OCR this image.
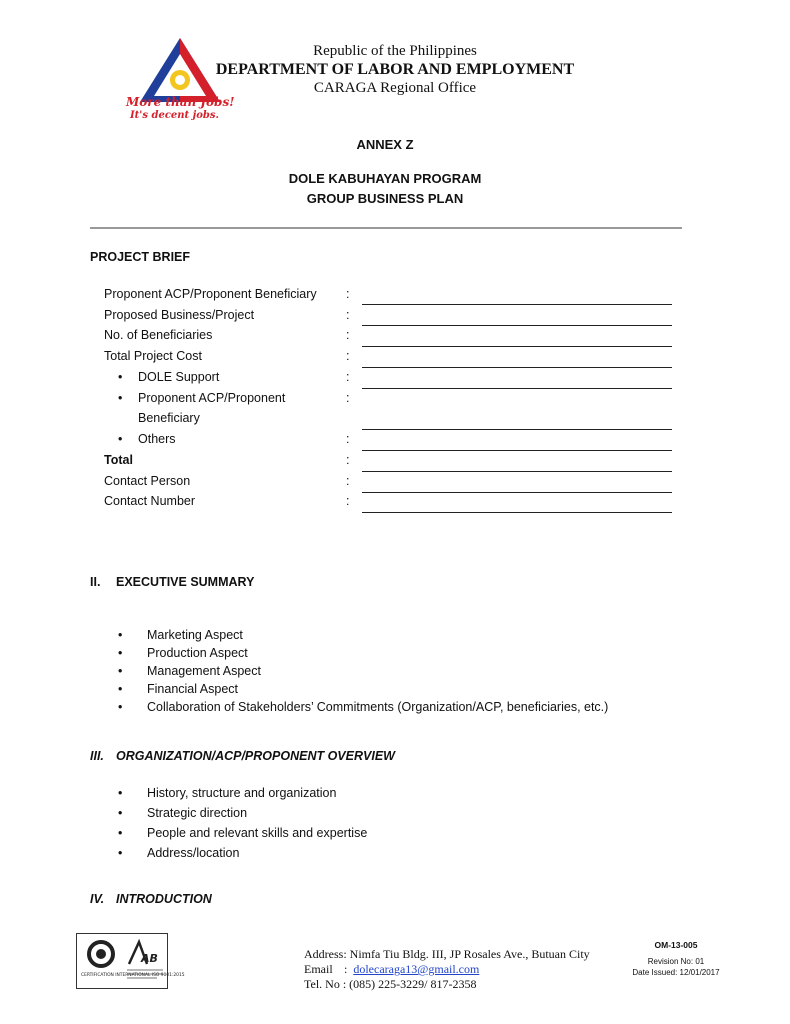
More than Jobs!
It's decent jobs.
Republic of the Philippines
DEPARTMENT OF LABOR AND EMPLOYMENT
CARAGA Regional Office
ANNEX Z
DOLE KABUHAYAN PROGRAM
GROUP BUSINESS PLAN
PROJECT BRIEF
Proponent ACP/Proponent Beneficiary :
Proposed Business/Project	:
No. of Beneficiaries	:
Total Project Cost	:
• DOLE Support	:
• Proponent ACP/Proponent
Beneficiary
:
• Others	:
Total	:
Contact Person	:
Contact Number	:
II. EXECUTIVE SUMMARY
• Marketing Aspect
• Production Aspect
• Management Aspect
• Financial Aspect
• Collaboration of Stakeholders’ Commitments (Organization/ACP, beneficiaries, etc.)
III. ORGANIZATION/ACP/PROPONENT OVERVIEW
• History, structure and organization
• Strategic direction
• People and relevant skills and expertise
• Address/location
IV. INTRODUCTION
AB
CERTIFICATION INTERNATIONAL ISO 9001:2015
Address: Nimfa Tiu Bldg. III, JP Rosales Ave., Butuan City
Email : dolecaraga13@gmail.com
Tel. No : (085) 225-3229/ 817-2358
OM-13-005
Revision No: 01
Date Issued: 12/01/2017
